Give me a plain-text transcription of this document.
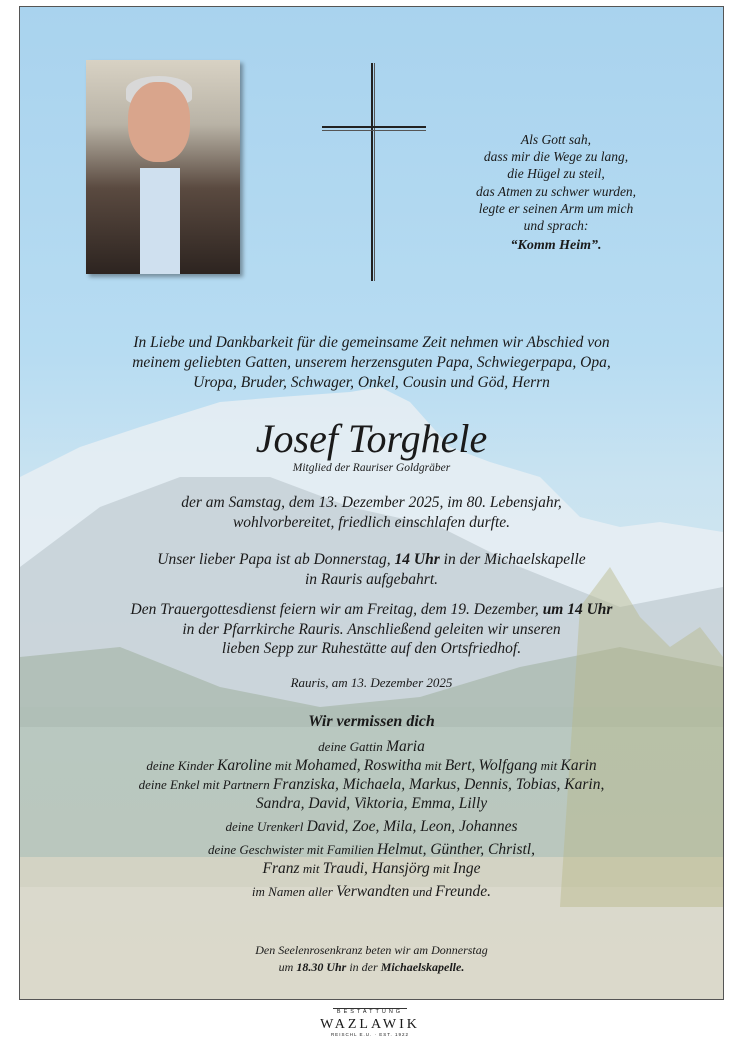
Als Gott sah,
dass mir die Wege zu lang,
die Hügel zu steil,
das Atmen zu schwer wurden,
legte er seinen Arm um mich
und sprach:
“Komm Heim”.
In Liebe und Dankbarkeit für die gemeinsame Zeit nehmen wir Abschied von
meinem geliebten Gatten, unserem herzensguten Papa, Schwiegerpapa, Opa,
Uropa, Bruder, Schwager, Onkel, Cousin und Göd, Herrn
Josef Torghele
Mitglied der Rauriser Goldgräber
der am Samstag, dem 13. Dezember 2025, im 80. Lebensjahr,
wohlvorbereitet, friedlich einschlafen durfte.
Unser lieber Papa ist ab Donnerstag, 14 Uhr in der Michaelskapelle
in Rauris aufgebahrt.
Den Trauergottesdienst feiern wir am Freitag, dem 19. Dezember, um 14 Uhr
in der Pfarrkirche Rauris. Anschließend geleiten wir unseren
lieben Sepp zur Ruhestätte auf den Ortsfriedhof.
Rauris, am 13. Dezember 2025
Wir vermissen dich
deine Gattin Maria
deine Kinder Karoline mit Mohamed, Roswitha mit Bert, Wolfgang mit Karin
deine Enkel mit Partnern Franziska, Michaela, Markus, Dennis, Tobias, Karin,
Sandra, David, Viktoria, Emma, Lilly
deine Urenkerl David, Zoe, Mila, Leon, Johannes
deine Geschwister mit Familien Helmut, Günther, Christl,
Franz mit Traudi, Hansjörg mit Inge
im Namen aller Verwandten und Freunde.
Den Seelenrosenkranz beten wir am Donnerstag
um 18.30 Uhr in der Michaelskapelle.
BESTATTUNG
WAZLAWIK
REISCHL E.U. · EST. 1922
